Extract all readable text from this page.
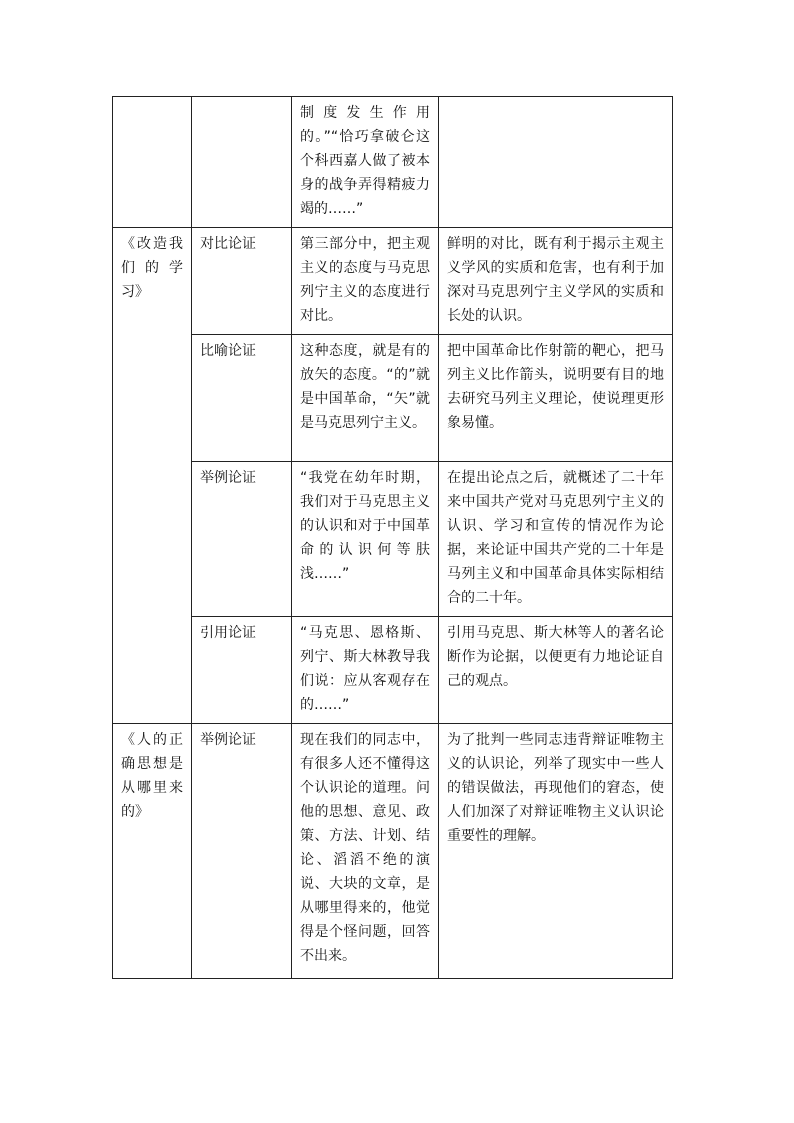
		制度发生作用的。”“恰巧拿破仑这个科西嘉人做了被本身的战争弄得精疲力竭的……”	
《改造我们的学习》	对比论证	第三部分中，把主观主义的态度与马克思列宁主义的态度进行对比。	鲜明的对比，既有利于揭示主观主义学风的实质和危害，也有利于加深对马克思列宁主义学风的实质和长处的认识。
	比喻论证	这种态度，就是有的放矢的态度。“的”就是中国革命，“矢”就是马克思列宁主义。	把中国革命比作射箭的靶心，把马列主义比作箭头，说明要有目的地去研究马列主义理论，使说理更形象易懂。
	举例论证	“我党在幼年时期，我们对于马克思主义的认识和对于中国革命的认识何等肤浅……”	在提出论点之后，就概述了二十年来中国共产党对马克思列宁主义的认识、学习和宣传的情况作为论据，来论证中国共产党的二十年是马列主义和中国革命具体实际相结合的二十年。
	引用论证	“马克思、恩格斯、列宁、斯大林教导我们说：应从客观存在的……”	引用马克思、斯大林等人的著名论断作为论据，以便更有力地论证自己的观点。
《人的正确思想是从哪里来的》	举例论证	现在我们的同志中，有很多人还不懂得这个认识论的道理。问他的思想、意见、政策、方法、计划、结论、滔滔不绝的演说、大块的文章，是从哪里得来的，他觉得是个怪问题，回答不出来。	为了批判一些同志违背辩证唯物主义的认识论，列举了现实中一些人的错误做法，再现他们的窘态，使人们加深了对辩证唯物主义认识论重要性的理解。
